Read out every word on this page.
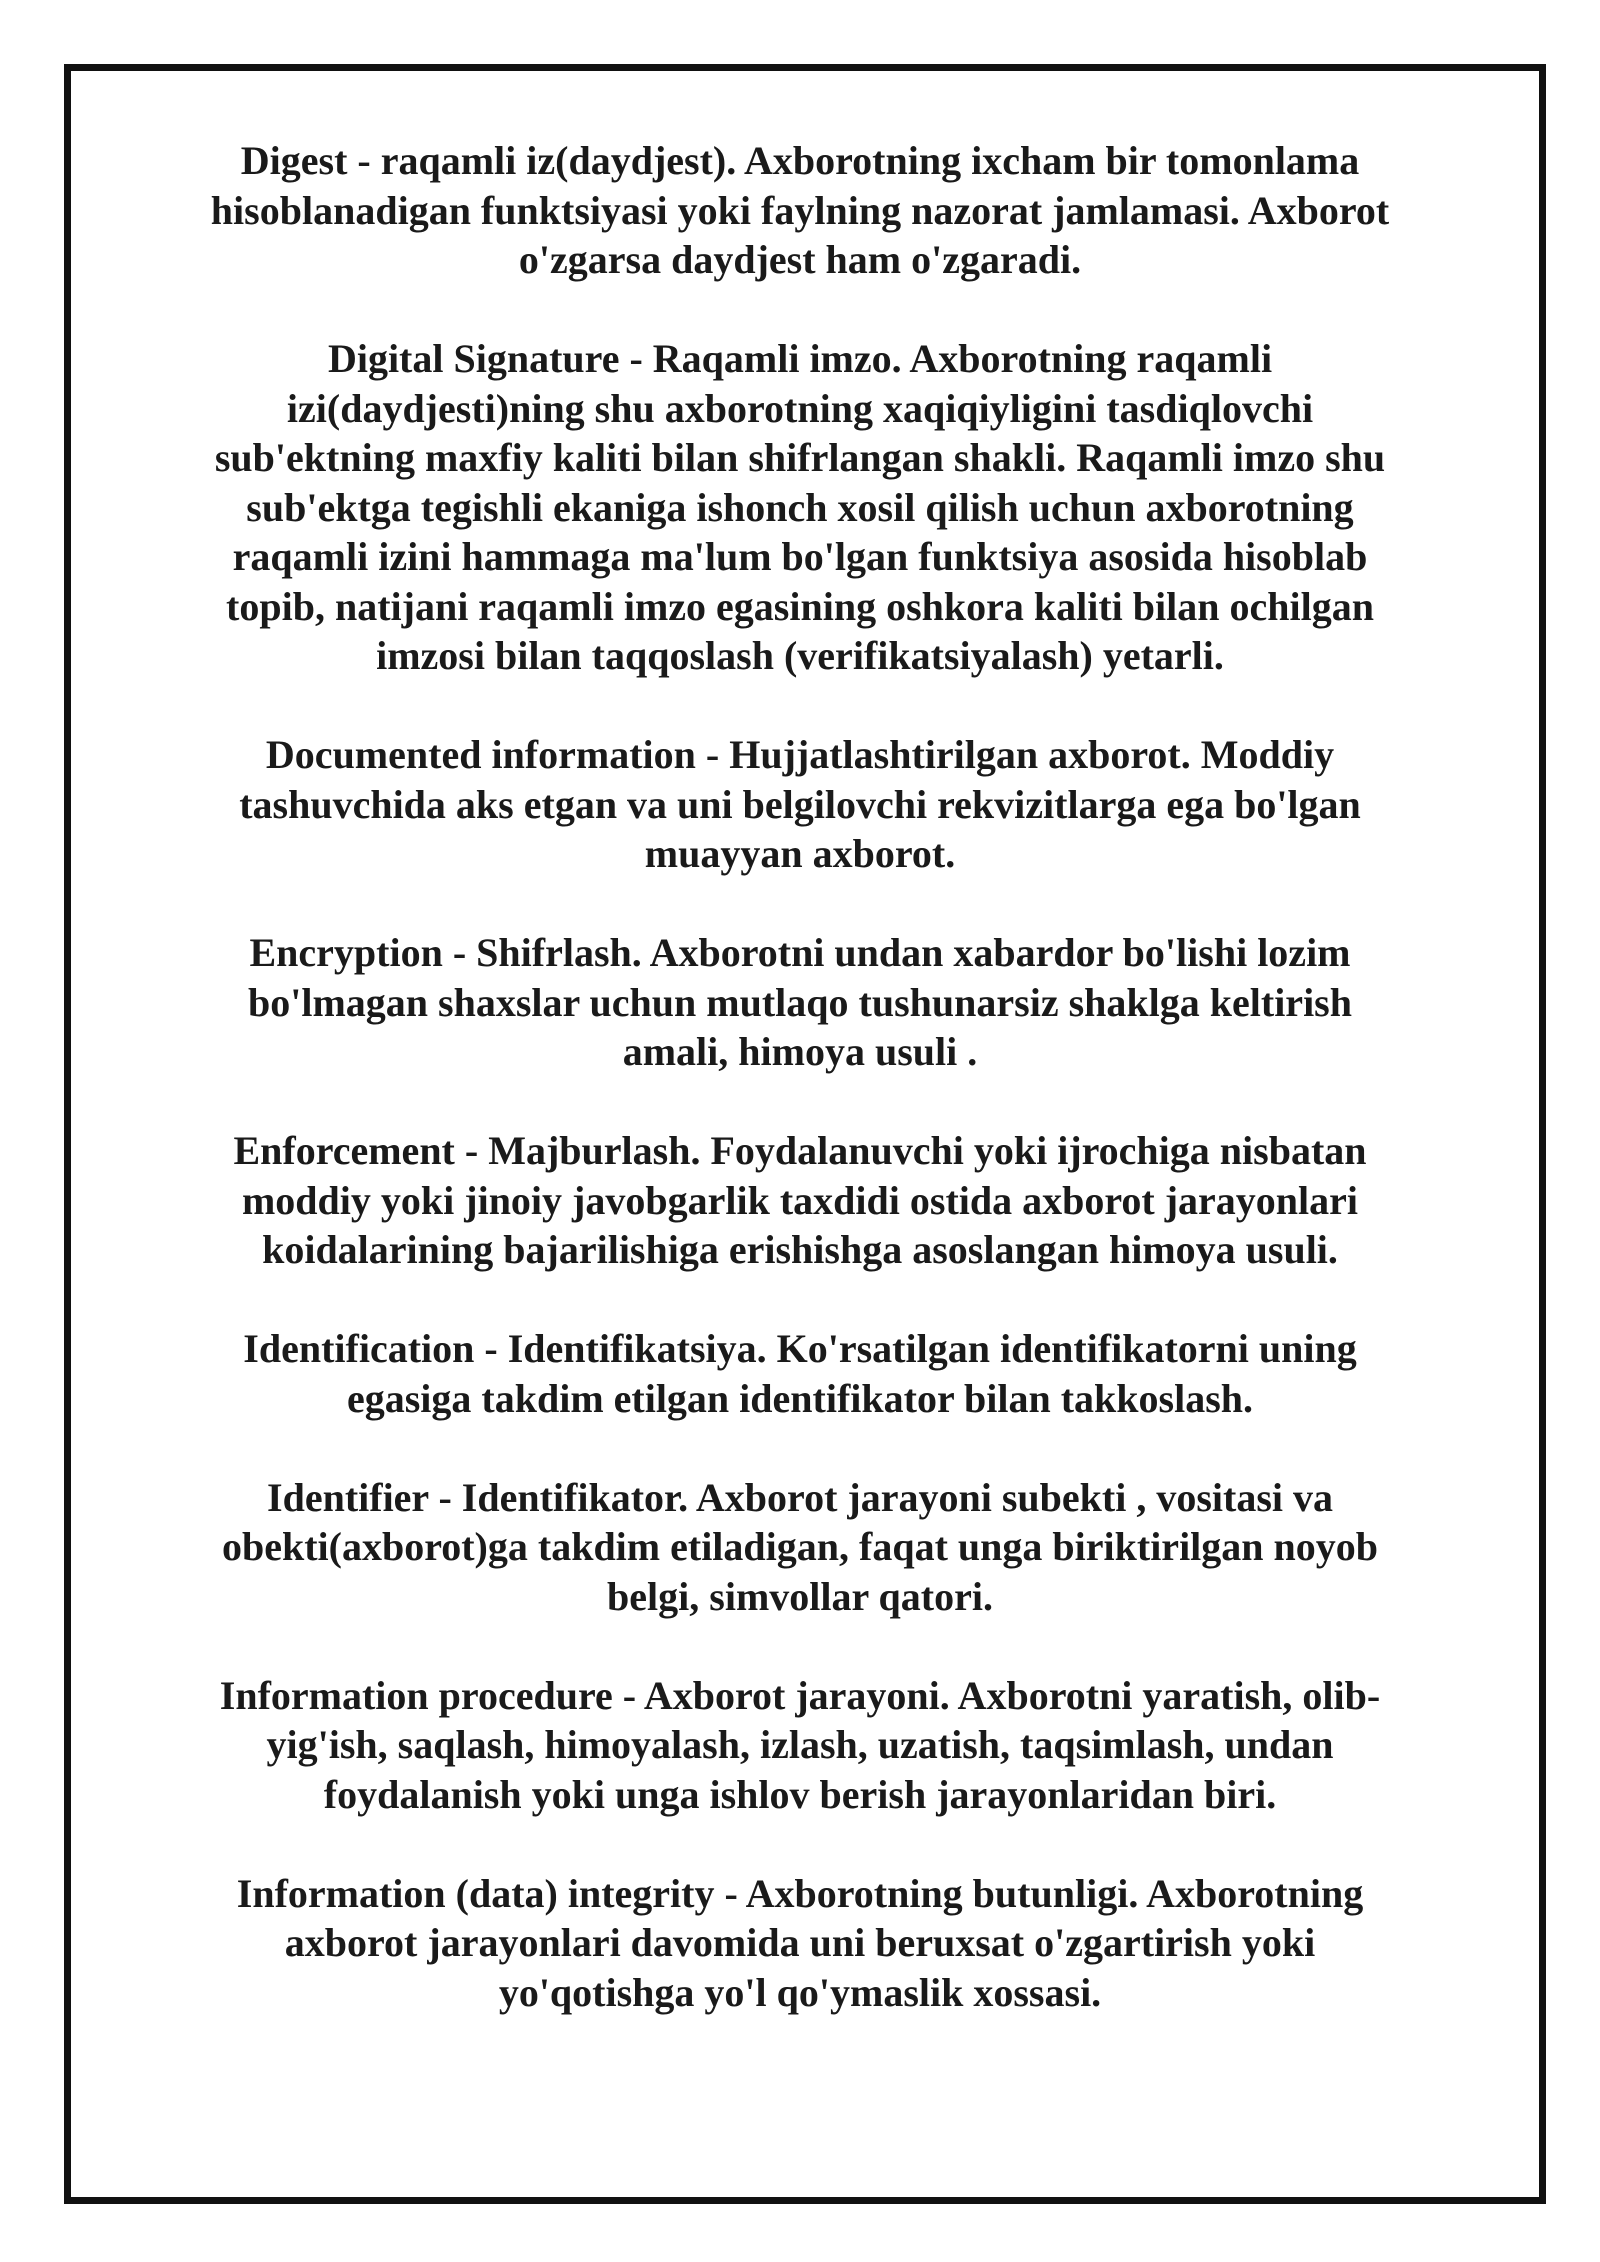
Digest - raqamli iz(daydjest). Axborotning ixcham bir tomonlama
hisoblanadigan funktsiyasi yoki faylning nazorat jamlamasi. Axborot
o'zgarsa daydjest ham o'zgaradi.
Digital Signature - Raqamli imzo. Axborotning raqamli
izi(daydjesti)ning shu axborotning xaqiqiyligini tasdiqlovchi
sub'ektning maxfiy kaliti bilan shifrlangan shakli. Raqamli imzo shu
sub'ektga tegishli ekaniga ishonch xosil qilish uchun axborotning
raqamli izini hammaga ma'lum bo'lgan funktsiya asosida hisoblab
topib, natijani raqamli imzo egasining oshkora kaliti bilan ochilgan
imzosi bilan taqqoslash (verifikatsiyalash) yetarli.
Documented information - Hujjatlashtirilgan axborot. Moddiy
tashuvchida aks etgan va uni belgilovchi rekvizitlarga ega bo'lgan
muayyan axborot.
Encryption - Shifrlash. Axborotni undan xabardor bo'lishi lozim
bo'lmagan shaxslar uchun mutlaqo tushunarsiz shaklga keltirish
amali, himoya usuli .
Enforcement - Majburlash. Foydalanuvchi yoki ijrochiga nisbatan
moddiy yoki jinoiy javobgarlik taxdidi ostida axborot jarayonlari
koidalarining bajarilishiga erishishga asoslangan himoya usuli.
Identification - Identifikatsiya. Ko'rsatilgan identifikatorni uning
egasiga takdim etilgan identifikator bilan takkoslash.
Identifier - Identifikator. Axborot jarayoni subekti , vositasi va
obekti(axborot)ga takdim etiladigan, faqat unga biriktirilgan noyob
belgi, simvollar qatori.
Information procedure - Axborot jarayoni. Axborotni yaratish, olib-
yig'ish, saqlash, himoyalash, izlash, uzatish, taqsimlash, undan
foydalanish yoki unga ishlov berish jarayonlaridan biri.
Information (data) integrity - Axborotning butunligi. Axborotning
axborot jarayonlari davomida uni beruxsat o'zgartirish yoki
yo'qotishga yo'l qo'ymaslik xossasi.
